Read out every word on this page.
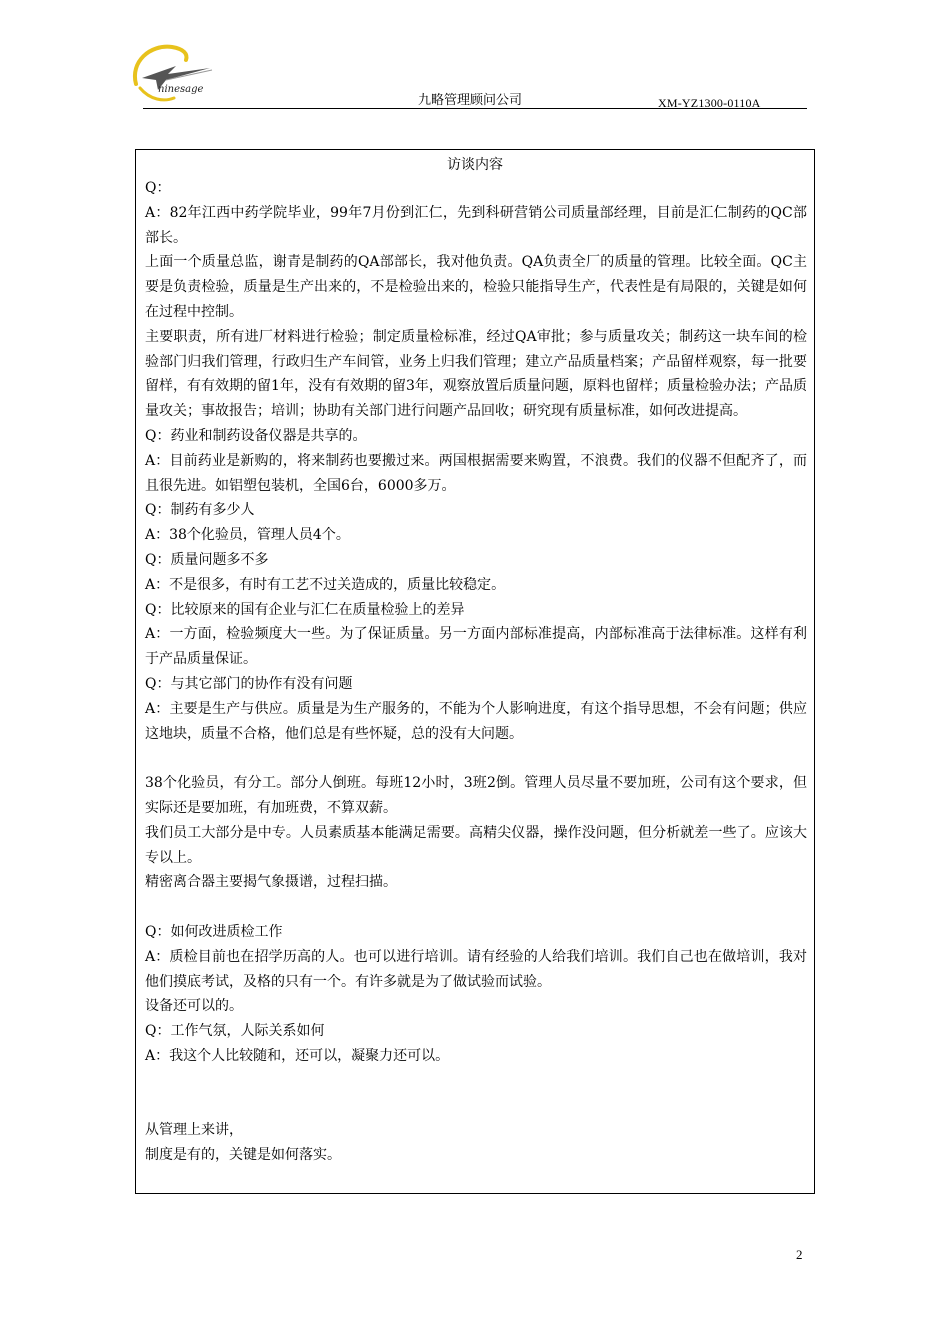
ninesage
九略管理顾问公司	XM-YZ1300-0110A
访谈内容

Q：

A：82年江西中药学院毕业，99年7月份到汇仁，先到科研营销公司质量部经理，目前是汇仁制药的QC部部长。

上面一个质量总监，谢青是制药的QA部部长，我对他负责。QA负责全厂的质量的管理。比较全面。QC主要是负责检验，质量是生产出来的，不是检验出来的，检验只能指导生产，代表性是有局限的，关键是如何在过程中控制。

主要职责，所有进厂材料进行检验；制定质量检标准，经过QA审批；参与质量攻关；制药这一块车间的检验部门归我们管理，行政归生产车间管，业务上归我们管理；建立产品质量档案；产品留样观察，每一批要留样，有有效期的留1年，没有有效期的留3年，观察放置后质量问题，原料也留样；质量检验办法；产品质量攻关；事故报告；培训；协助有关部门进行问题产品回收；研究现有质量标准，如何改进提高。

Q：药业和制药设备仪器是共享的。

A：目前药业是新购的，将来制药也要搬过来。两国根据需要来购置，不浪费。我们的仪器不但配齐了，而且很先进。如铝塑包装机，全国6台，6000多万。

Q：制药有多少人

A：38个化验员，管理人员4个。

Q：质量问题多不多

A：不是很多，有时有工艺不过关造成的，质量比较稳定。

Q：比较原来的国有企业与汇仁在质量检验上的差异

A：一方面，检验频度大一些。为了保证质量。另一方面内部标准提高，内部标准高于法律标准。这样有利于产品质量保证。

Q：与其它部门的协作有没有问题

A：主要是生产与供应。质量是为生产服务的，不能为个人影响进度，有这个指导思想，不会有问题；供应这地块，质量不合格，他们总是有些怀疑，总的没有大问题。

38个化验员，有分工。部分人倒班。每班12小时，3班2倒。管理人员尽量不要加班，公司有这个要求，但实际还是要加班，有加班费，不算双薪。

我们员工大部分是中专。人员素质基本能满足需要。高精尖仪器，操作没问题，但分析就差一些了。应该大专以上。

精密离合器主要揭气象摄谱，过程扫描。

Q：如何改进质检工作

A：质检目前也在招学历高的人。也可以进行培训。请有经验的人给我们培训。我们自己也在做培训，我对他们摸底考试，及格的只有一个。有许多就是为了做试验而试验。

设备还可以的。

Q：工作气氛，人际关系如何

A：我这个人比较随和，还可以，凝聚力还可以。

从管理上来讲，

制度是有的，关键是如何落实。

2
